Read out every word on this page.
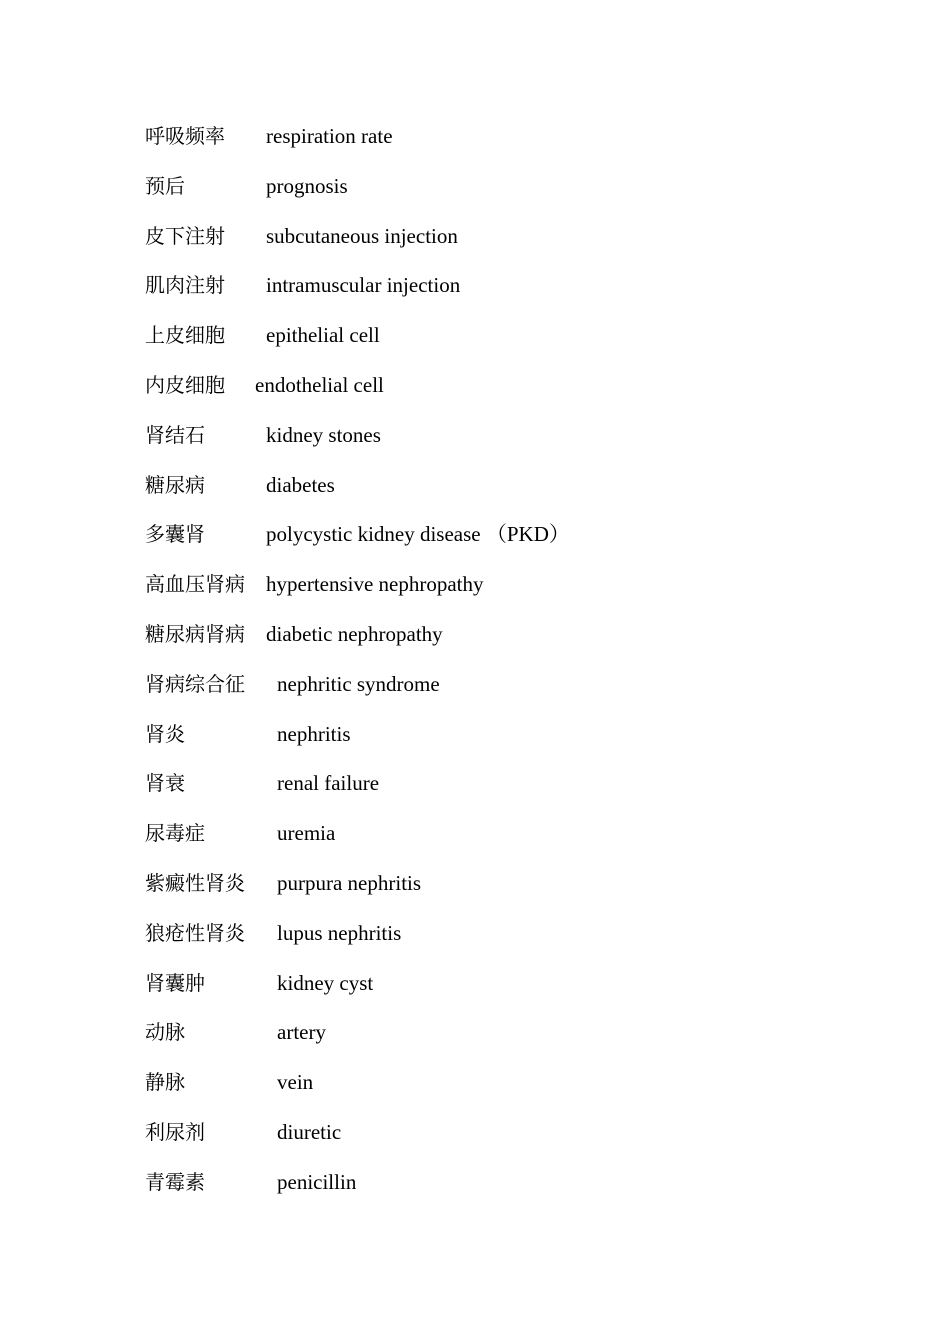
呼吸频率 respiration rate
预后	prognosis
皮下注射 subcutaneous injection
肌肉注射 intramuscular injection
上皮细胞 epithelial cell
内皮细胞 endothelial cell
肾结石	kidney stones
糖尿病	diabetes
多囊肾	polycystic kidney disease （PKD）
高血压肾病 hypertensive nephropathy
糖尿病肾病 diabetic nephropathy
肾病综合征 nephritic syndrome
肾炎	nephritis
肾衰	renal failure
尿毒症	uremia
紫癜性肾炎 purpura nephritis
狼疮性肾炎 lupus nephritis
肾囊肿	kidney cyst
动脉	artery
静脉	vein
利尿剂	diuretic
青霉素	penicillin
